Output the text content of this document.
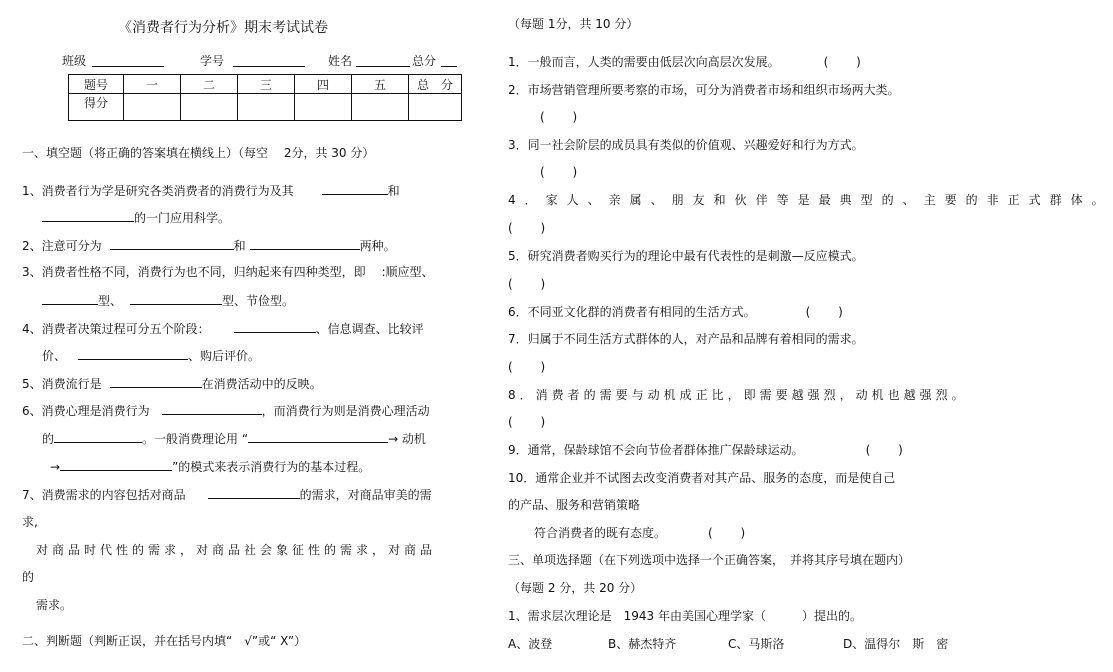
《消费者行为分析》期末考试试卷
班级	学号	姓名	总分
题号	一	二	三	四	五	总　分
得分						
一、填空题（将正确的答案填在横线上）（每空　 2分，共 30 分）
1、消费者行为学是研究各类消费者的消费行为及其	和
的一门应用科学。
2、注意可分为	和	两种。
3、消费者性格不同，消费行为也不同，归纳起来有四种类型，即　 :顺应型、
型、	型、节俭型。
4、消费者决策过程可分五个阶段：	、信息调查、比较评
价、	、购后评价。
5、消费流行是	在消费活动中的反映。
6、消费心理是消费行为	，而消费行为则是消费心理活动
的	。一般消费理论用 “	→ 动机
→	”的模式来表示消费行为的基本过程。
7、消费需求的内容包括对商品	的需求，对商品审美的需
求,
对商品时代性的需求，对商品社会象征性的需求，对商品
的
需求。
二、判断题（判断正误，并在括号内填“　√”或“ X”）
（每题 1分，共 10 分）
1．一般而言，人类的需要由低层次向高层次发展。	(　　 )
2．市场营销管理所要考察的市场，可分为消费者市场和组织市场两大类。
(　　 )
3．同一社会阶层的成员具有类似的价值观、兴趣爱好和行为方式。
(　　 )
4．家人、亲属、朋友和伙伴等是最典型的、主要的非正式群体。
(　　 )
5．研究消费者购买行为的理论中最有代表性的是刺激—反应模式。
(　　 )
6．不同亚文化群的消费者有相同的生活方式。	(　　 )
7．归属于不同生活方式群体的人，对产品和品牌有着相同的需求。
(　　 )
8．消费者的需要与动机成正比，即需要越强烈，动机也越强烈。
(　　 )
9．通常，保龄球馆不会向节俭者群体推广保龄球运动。	(　　 )
10．通常企业并不试图去改变消费者对其产品、服务的态度，而是使自己
的产品、服务和营销策略
符合消费者的既有态度。	(　　 )
三、单项选择题（在下列选项中选择一个正确答案，　并将其序号填在题内）
（每题 2 分，共 20 分）
1、需求层次理论是　1943 年由美国心理学家（　　　）提出的。
A、波登	B、赫杰特齐	C、马斯洛	D、温得尔　斯　密
